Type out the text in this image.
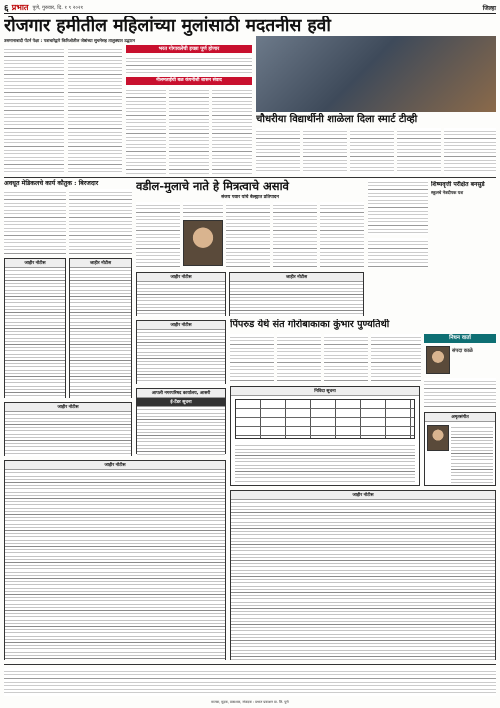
६ प्रभात पुणे, गुरुवार, दि. १ ९ २०२१	जिल्हा
रोजगार हमीतील महिलांच्या मुलांसाठी मदतनीस हवी
उसमानाबादी पॅटर्न पेक्षा : पत्राचारेद्वारे किरिओतील जेष्ठांच्या सुचनेसह तालुक्यात उद्घाटन
भरत गोगावलेंची इच्छा पूर्ण होणार
नीलमताईंची बळ कंपनीशी शासन संवाद
चौधरीया विद्यार्थीनी शाळेला दिला स्मार्ट टीव्ही
अवधूत मेडिकलचे कार्य कौतुक : बिरजदार	वडील-मुलाचे नाते हे मित्रत्वाचे असावे
संजय पवार यांचे बेल्ह्यात प्रतिपादन
शिष्यवृत्ती परीक्षेत बनसुडे
स्कूलचे नेत्रदीपक यश
जाहीर नोटीस	जाहीर नोटीस
जाहीर नोटीस	जाहीर नोटीस
पिंपरुड येथे संत गोरोबाकाका कुंभार पुण्यतिथी
निधन वार्ता
संपदा काळे
निविदा सूचना
जाहीर नोटीस
आपली नगरपरिषद कार्यालय, आसरी
ई-टेंडर सूचना
जाहीर नोटीस
अमृतसंगीत
जाहीर नोटीस
जाहीर नोटीस
मालक, मुद्रक, प्रकाशक, संपादक : प्रभात प्रकाशन प्रा. लि. पुणे
